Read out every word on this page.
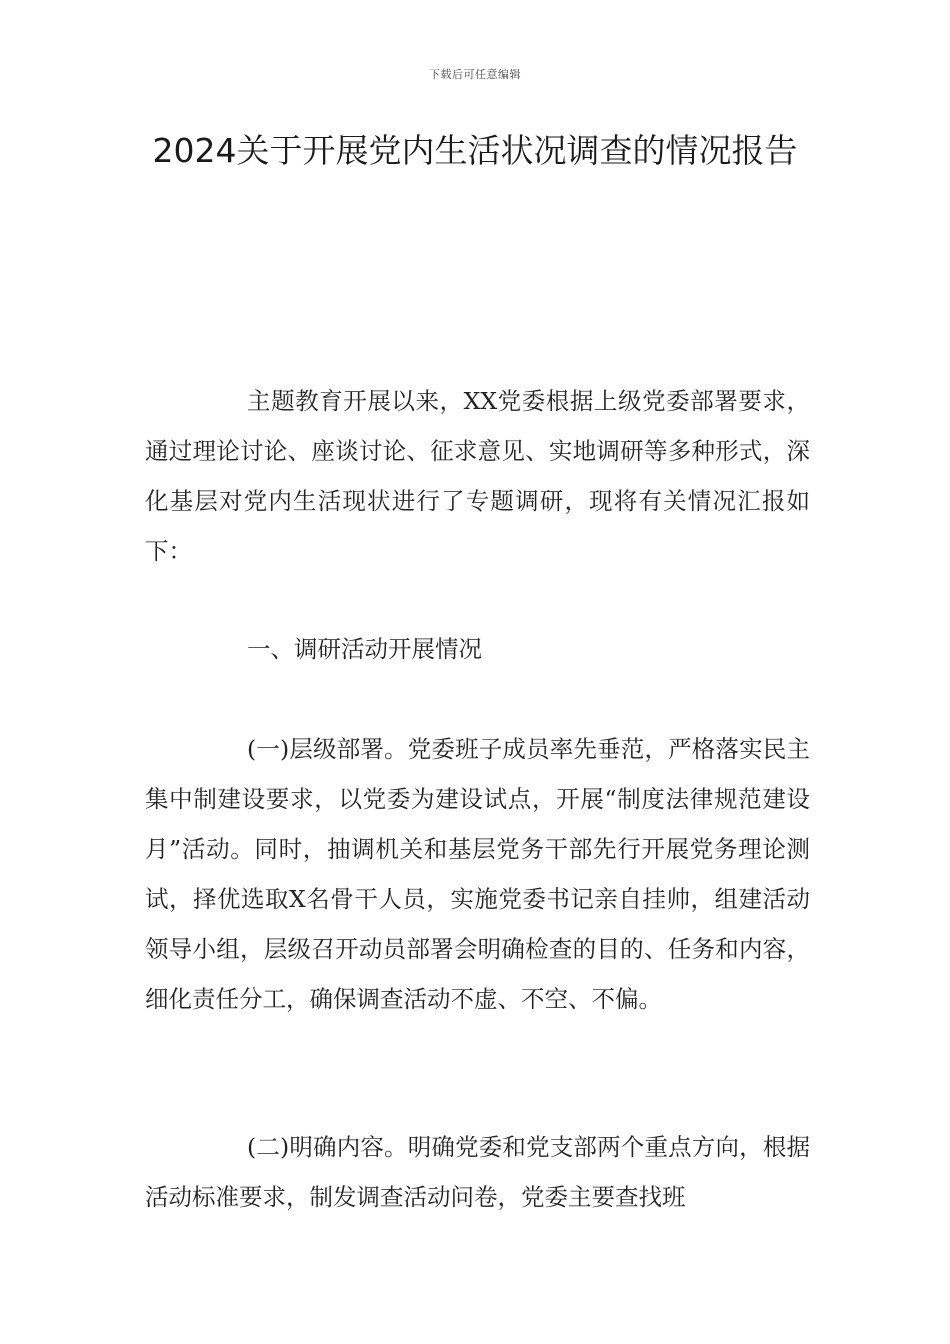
下载后可任意编辑
2024关于开展党内生活状况调查的情况报告

主题教育开展以来，XX党委根据上级党委部署要求，通过理论讨论、座谈讨论、征求意见、实地调研等多种形式，深化基层对党内生活现状进行了专题调研，现将有关情况汇报如下：

一、调研活动开展情况

(一)层级部署。党委班子成员率先垂范，严格落实民主集中制建设要求，以党委为建设试点，开展“制度法律规范建设月”活动。同时，抽调机关和基层党务干部先行开展党务理论测试，择优选取X名骨干人员，实施党委书记亲自挂帅，组建活动领导小组，层级召开动员部署会明确检查的目的、任务和内容，细化责任分工，确保调查活动不虚、不空、不偏。

(二)明确内容。明确党委和党支部两个重点方向，根据活动标准要求，制发调查活动问卷，党委主要查找班
